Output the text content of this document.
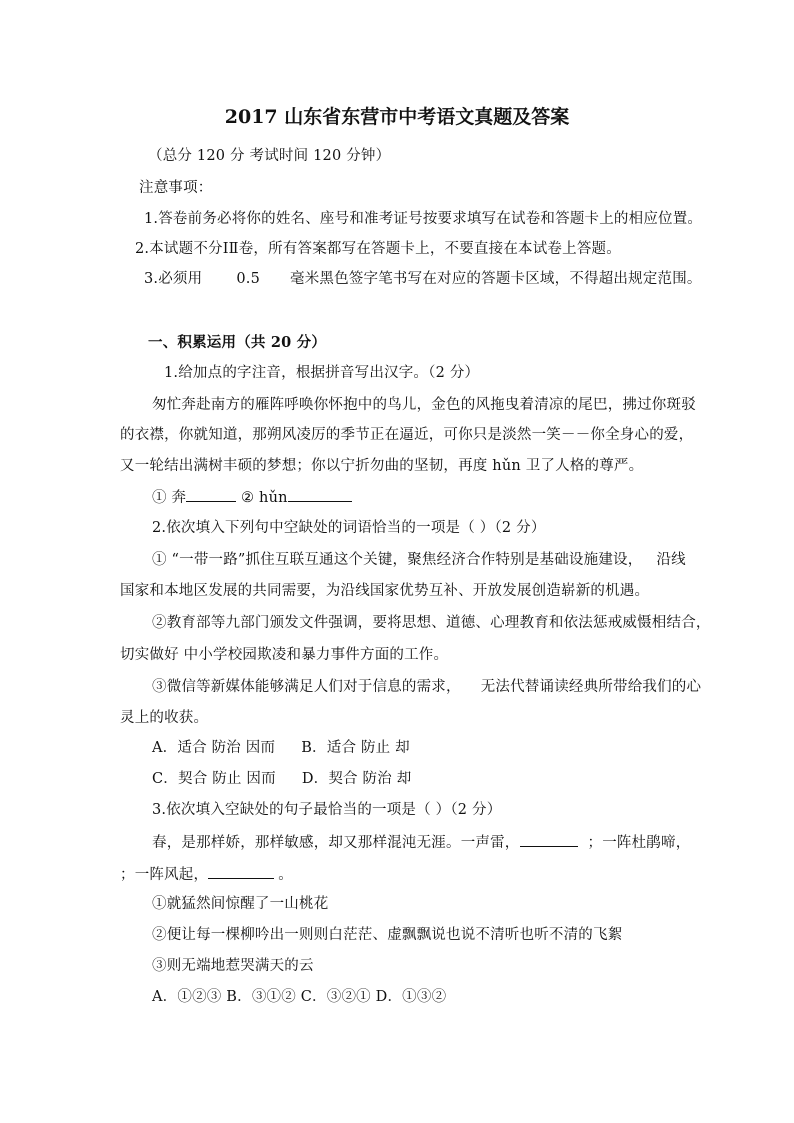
2017 山东省东营市中考语文真题及答案
（总分 120 分 考试时间 120 分钟）
注意事项：
1.答卷前务必将你的姓名、座号和准考证号按要求填写在试卷和答题卡上的相应位置。
2.本试题不分ⅠⅡ卷，所有答案都写在答题卡上，不要直接在本试卷上答题。
3.必须用 0.5 毫米黑色签字笔书写在对应的答题卡区域，不得超出规定范围。
一、积累运用（共 20 分）
1.给加点的字注音，根据拼音写出汉字。（2 分）
匆忙奔赴南方的雁阵呼唤你怀抱中的鸟儿，金色的风拖曳着清凉的尾巴，拂过你斑驳
的衣襟，你就知道，那朔风凌厉的季节正在逼近，可你只是淡然一笑－－你全身心的爱，
又一轮结出满树丰硕的梦想；你以宁折勿曲的坚韧，再度 hǔn 卫了人格的尊严。
① 奔	② hǔn
2.依次填入下列句中空缺处的词语恰当的一项是（ ）（2 分）
① “一带一路”抓住互联互通这个关键，聚焦经济合作特别是基础设施建设， 沿线
国家和本地区发展的共同需要，为沿线国家优势互补、开放发展创造崭新的机遇。
②教育部等九部门颁发文件强调，要将思想、道德、心理教育和依法惩戒威慑相结合，
切实做好 中小学校园欺凌和暴力事件方面的工作。
③微信等新媒体能够满足人们对于信息的需求， 无法代替诵读经典所带给我们的心
灵上的收获。
A．适合 防治 因而 B．适合 防止 却
C．契合 防止 因而 D．契合 防治 却
3.依次填入空缺处的句子最恰当的一项是（ ）（2 分）
春，是那样娇，那样敏感，却又那样混沌无涯。一声雷，	；一阵杜鹃啼，
；一阵风起，	。
①就猛然间惊醒了一山桃花
②便让每一棵柳吟出一则则白茫茫、虚飘飘说也说不清听也听不清的飞絮
③则无端地惹哭满天的云
A．①②③ B．③①② C．③②① D．①③②
